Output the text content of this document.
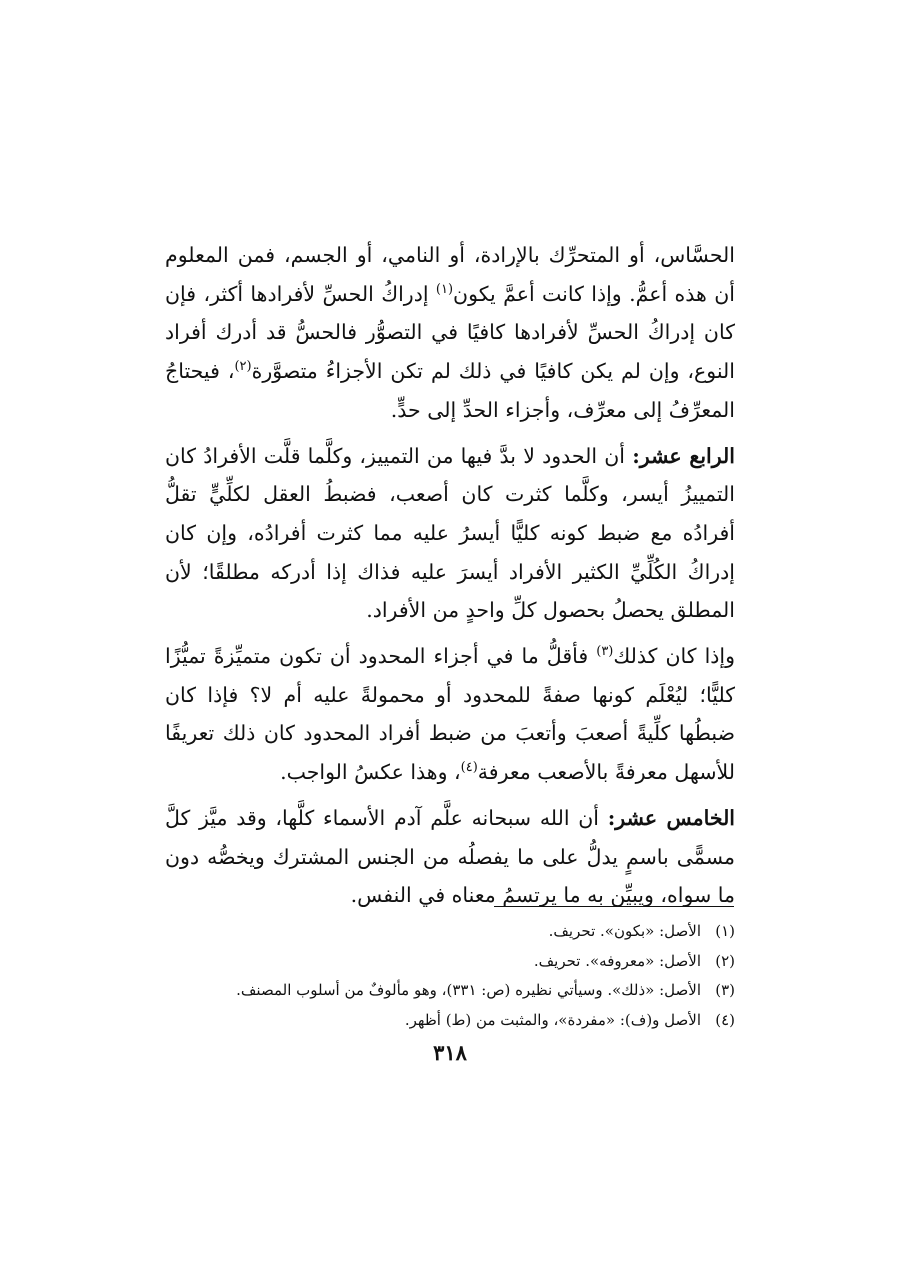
الحسَّاس، أو المتحرِّك بالإرادة، أو النامي، أو الجسم، فمن المعلوم أن هذه أعمُّ. وإذا كانت أعمَّ يكون$^{(١)}$ إدراكُ الحسِّ لأفرادها أكثر، فإن كان إدراكُ الحسِّ لأفرادها كافيًا في التصوُّر فالحسُّ قد أدرك أفراد النوع، وإن لم يكن كافيًا في ذلك لم تكن الأجزاءُ متصوَّرة$^{(٢)}$، فيحتاجُ المعرِّفُ إلى معرِّف، وأجزاء الحدِّ إلى حدٍّ.

الرابع عشر: أن الحدود لا بدَّ فيها من التمييز، وكلَّما قلَّت الأفرادُ كان التمييزُ أيسر، وكلَّما كثرت كان أصعب، فضبطُ العقل لكلِّيٍّ تقلُّ أفرادُه مع ضبط كونه كليًّا أيسرُ عليه مما كثرت أفرادُه، وإن كان إدراكُ الكُلِّيِّ الكثير الأفراد أيسرَ عليه فذاك إذا أدركه مطلقًا؛ لأن المطلق يحصلُ بحصول كلِّ واحدٍ من الأفراد.

وإذا كان كذلك$^{(٣)}$ فأقلُّ ما في أجزاء المحدود أن تكون متميِّزةً تميُّزًا كليًّا؛ ليُعْلَم كونها صفةً للمحدود أو محمولةً عليه أم لا؟ فإذا كان ضبطُها كلِّيةً أصعبَ وأتعبَ من ضبط أفراد المحدود كان ذلك تعريفًا للأسهل معرفةً بالأصعب معرفة$^{(٤)}$، وهذا عكسُ الواجب.

الخامس عشر: أن الله سبحانه علَّم آدم الأسماء كلَّها، وقد ميَّز كلَّ مسمًّى باسمٍ يدلُّ على ما يفصلُه من الجنس المشترك ويخصُّه دون ما سواه، ويبيِّن به ما يرتسمُ معناه في النفس.

(١)الأصل: «بكون». تحريف.
(٢)الأصل: «معروفه». تحريف.
(٣)الأصل: «ذلك». وسيأتي نظيره (ص: ٣٣١)، وهو مألوفٌ من أسلوب المصنف.
(٤)الأصل و(ف): «مفردة»، والمثبت من (ط) أظهر.
٣١٨
